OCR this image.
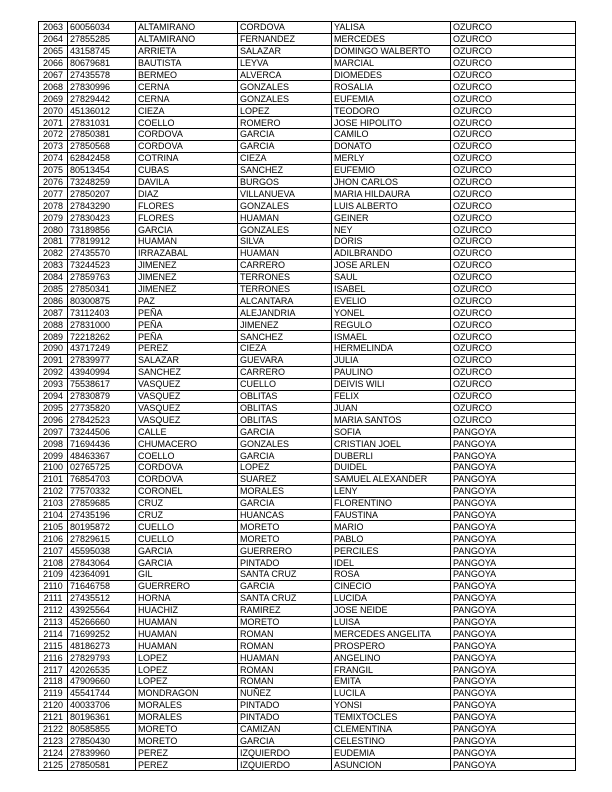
2063	60056034	ALTAMIRANO	CORDOVA	YALISA	OZURCO
2064	27855285	ALTAMIRANO	FERNANDEZ	MERCEDES	OZURCO
2065	43158745	ARRIETA	SALAZAR	DOMINGO WALBERTO	OZURCO
2066	80679681	BAUTISTA	LEYVA	MARCIAL	OZURCO
2067	27435578	BERMEO	ALVERCA	DIOMEDES	OZURCO
2068	27830996	CERNA	GONZALES	ROSALIA	OZURCO
2069	27829442	CERNA	GONZALES	EUFEMIA	OZURCO
2070	45136012	CIEZA	LOPEZ	TEODORO	OZURCO
2071	27831031	COELLO	ROMERO	JOSE HIPOLITO	OZURCO
2072	27850381	CORDOVA	GARCIA	CAMILO	OZURCO
2073	27850568	CORDOVA	GARCIA	DONATO	OZURCO
2074	62842458	COTRINA	CIEZA	MERLY	OZURCO
2075	80513454	CUBAS	SANCHEZ	EUFEMIO	OZURCO
2076	73248259	DAVILA	BURGOS	JHON CARLOS	OZURCO
2077	27850207	DIAZ	VILLANUEVA	MARIA HILDAURA	OZURCO
2078	27843290	FLORES	GONZALES	LUIS ALBERTO	OZURCO
2079	27830423	FLORES	HUAMAN	GEINER	OZURCO
2080	73189856	GARCIA	GONZALES	NEY	OZURCO
2081	77819912	HUAMAN	SILVA	DORIS	OZURCO
2082	27435570	IRRAZABAL	HUAMAN	ADILBRANDO	OZURCO
2083	73244523	JIMENEZ	CARRERO	JOSE ARLEN	OZURCO
2084	27859763	JIMENEZ	TERRONES	SAUL	OZURCO
2085	27850341	JIMENEZ	TERRONES	ISABEL	OZURCO
2086	80300875	PAZ	ALCANTARA	EVELIO	OZURCO
2087	73112403	PEÑA	ALEJANDRIA	YONEL	OZURCO
2088	27831000	PEÑA	JIMENEZ	REGULO	OZURCO
2089	72218262	PEÑA	SANCHEZ	ISMAEL	OZURCO
2090	43717249	PEREZ	CIEZA	HERMELINDA	OZURCO
2091	27839977	SALAZAR	GUEVARA	JULIA	OZURCO
2092	43940994	SANCHEZ	CARRERO	PAULINO	OZURCO
2093	75538617	VASQUEZ	CUELLO	DEIVIS WILI	OZURCO
2094	27830879	VASQUEZ	OBLITAS	FELIX	OZURCO
2095	27735820	VASQUEZ	OBLITAS	JUAN	OZURCO
2096	27842523	VASQUEZ	OBLITAS	MARIA SANTOS	OZURCO
2097	73244506	CALLE	GARCIA	SOFIA	PANGOYA
2098	71694436	CHUMACERO	GONZALES	CRISTIAN JOEL	PANGOYA
2099	48463367	COELLO	GARCIA	DUBERLI	PANGOYA
2100	02765725	CORDOVA	LOPEZ	DUIDEL	PANGOYA
2101	76854703	CORDOVA	SUAREZ	SAMUEL ALEXANDER	PANGOYA
2102	77570332	CORONEL	MORALES	LENY	PANGOYA
2103	27859685	CRUZ	GARCIA	FLORENTINO	PANGOYA
2104	27435196	CRUZ	HUANCAS	FAUSTINA	PANGOYA
2105	80195872	CUELLO	MORETO	MARIO	PANGOYA
2106	27829615	CUELLO	MORETO	PABLO	PANGOYA
2107	45595038	GARCIA	GUERRERO	PERCILES	PANGOYA
2108	27843064	GARCIA	PINTADO	IDEL	PANGOYA
2109	42364091	GIL	SANTA CRUZ	ROSA	PANGOYA
2110	71646758	GUERRERO	GARCIA	CINECIO	PANGOYA
2111	27435512	HORNA	SANTA CRUZ	LUCIDA	PANGOYA
2112	43925564	HUACHIZ	RAMIREZ	JOSE NEIDE	PANGOYA
2113	45266660	HUAMAN	MORETO	LUISA	PANGOYA
2114	71699252	HUAMAN	ROMAN	MERCEDES ANGELITA	PANGOYA
2115	48186273	HUAMAN	ROMAN	PROSPERO	PANGOYA
2116	27829793	LOPEZ	HUAMAN	ANGELINO	PANGOYA
2117	42026535	LOPEZ	ROMAN	FRANGIL	PANGOYA
2118	47909660	LOPEZ	ROMAN	EMITA	PANGOYA
2119	45541744	MONDRAGON	NUÑEZ	LUCILA	PANGOYA
2120	40033706	MORALES	PINTADO	YONSI	PANGOYA
2121	80196361	MORALES	PINTADO	TEMIXTOCLES	PANGOYA
2122	80585855	MORETO	CAMIZAN	CLEMENTINA	PANGOYA
2123	27850430	MORETO	GARCIA	CELESTINO	PANGOYA
2124	27839960	PEREZ	IZQUIERDO	EUDEMIA	PANGOYA
2125	27850581	PEREZ	IZQUIERDO	ASUNCION	PANGOYA
